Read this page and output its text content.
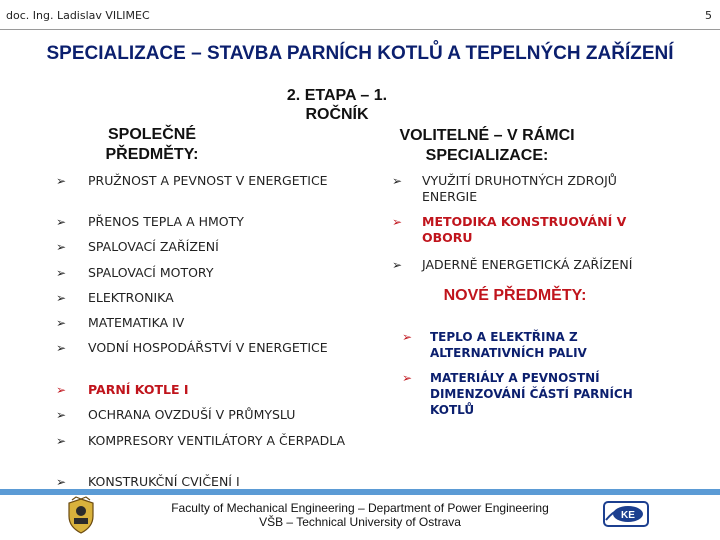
doc. Ing. Ladislav VILIMEC	5
SPECIALIZACE – STAVBA PARNÍCH KOTLŮ A TEPELNÝCH ZAŘÍZENÍ
2. ETAPA – 1. ROČNÍK
SPOLEČNÉ PŘEDMĚTY:
VOLITELNÉ – V RÁMCI SPECIALIZACE:
➢	PRUŽNOST A PEVNOST V ENERGETICE
➢	PŘENOS TEPLA A HMOTY
➢	SPALOVACÍ ZAŘÍZENÍ
➢	SPALOVACÍ MOTORY
➢	ELEKTRONIKA
➢	MATEMATIKA IV
➢	VODNÍ HOSPODÁŘSTVÍ V ENERGETICE
➢	PARNÍ KOTLE I
➢	OCHRANA OVZDUŠÍ V PRŮMYSLU
➢	KOMPRESORY VENTILÁTORY A ČERPADLA
➢	KONSTRUKČNÍ CVIČENÍ I
➢	VYUŽITÍ DRUHOTNÝCH ZDROJŮ ENERGIE
➢	METODIKA KONSTRUOVÁNÍ V OBORU
➢	JADERNĚ ENERGETICKÁ ZAŘÍZENÍ
NOVÉ PŘEDMĚTY:
➢	TEPLO A ELEKTŘINA Z ALTERNATIVNÍCH PALIV
➢	MATERIÁLY A PEVNOSTNÍ DIMENZOVÁNÍ ČÁSTÍ PARNÍCH KOTLŮ
Faculty of Mechanical Engineering – Department of Power Engineering
VŠB – Technical University of Ostrava	KE
